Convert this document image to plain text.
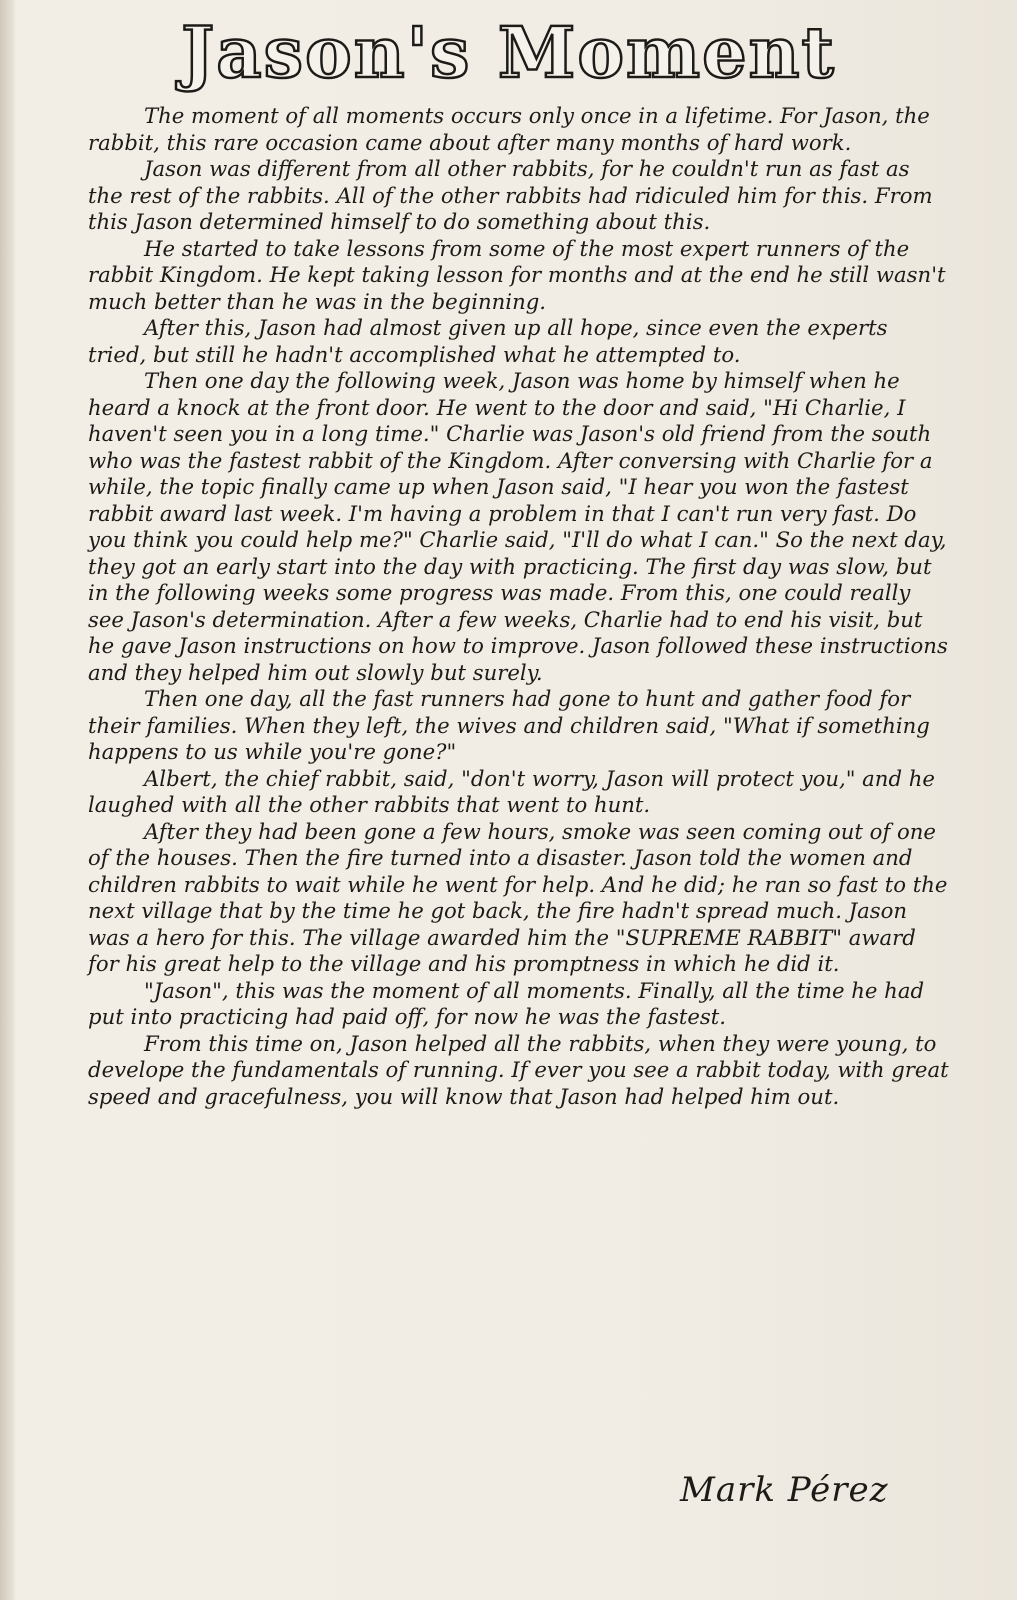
Jason's Moment

The moment of all moments occurs only once in a lifetime. For Jason, the rabbit, this rare occasion came about after many months of hard work.

Jason was different from all other rabbits, for he couldn't run as fast as the rest of the rabbits. All of the other rabbits had ridiculed him for this. From this Jason determined himself to do something about this.

He started to take lessons from some of the most expert runners of the rabbit Kingdom. He kept taking lesson for months and at the end he still wasn't much better than he was in the beginning.

After this, Jason had almost given up all hope, since even the experts tried, but still he hadn't accomplished what he attempted to.

Then one day the following week, Jason was home by himself when he heard a knock at the front door. He went to the door and said, "Hi Charlie, I haven't seen you in a long time." Charlie was Jason's old friend from the south who was the fastest rabbit of the Kingdom. After conversing with Charlie for a while, the topic finally came up when Jason said, "I hear you won the fastest rabbit award last week. I'm having a problem in that I can't run very fast. Do you think you could help me?" Charlie said, "I'll do what I can." So the next day, they got an early start into the day with practicing. The first day was slow, but in the following weeks some progress was made. From this, one could really see Jason's determination. After a few weeks, Charlie had to end his visit, but he gave Jason instructions on how to improve. Jason followed these instructions and they helped him out slowly but surely.

Then one day, all the fast runners had gone to hunt and gather food for their families. When they left, the wives and children said, "What if something happens to us while you're gone?"

Albert, the chief rabbit, said, "don't worry, Jason will protect you," and he laughed with all the other rabbits that went to hunt.

After they had been gone a few hours, smoke was seen coming out of one of the houses. Then the fire turned into a disaster. Jason told the women and children rabbits to wait while he went for help. And he did; he ran so fast to the next village that by the time he got back, the fire hadn't spread much. Jason was a hero for this. The village awarded him the "SUPREME RABBIT" award for his great help to the village and his promptness in which he did it.

"Jason", this was the moment of all moments. Finally, all the time he had put into practicing had paid off, for now he was the fastest.

From this time on, Jason helped all the rabbits, when they were young, to develope the fundamentals of running. If ever you see a rabbit today, with great speed and gracefulness, you will know that Jason had helped him out.

Mark Pérez
